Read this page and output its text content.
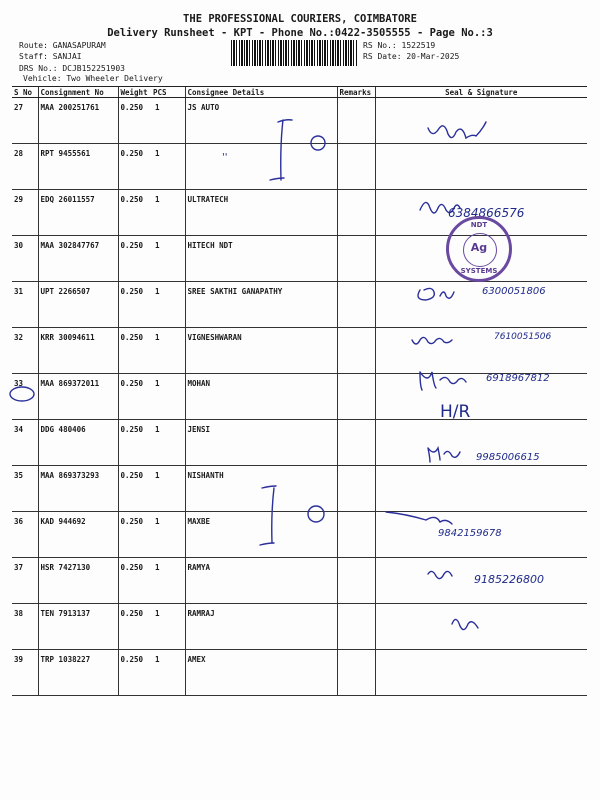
THE PROFESSIONAL COURIERS, COIMBATORE
Delivery Runsheet - KPT - Phone No.:0422-3505555 - Page No.:3
Route: GANASAPURAM
Staff: SANJAI
DRS No.: DCJB152251903
Vehicle: Two Wheeler Delivery
RS No.: 1522519
RS Date: 20-Mar-2025
S No	Consignment No	Weight	PCS	Consignee Details	Remarks	Seal & Signature
27	MAA 200251761	0.250	1	JS AUTO		
28	RPT 9455561	0.250	1			
29	EDQ 26011557	0.250	1	ULTRATECH		
30	MAA 302847767	0.250	1	HITECH NDT		
31	UPT 2266507	0.250	1	SREE SAKTHI GANAPATHY		
32	KRR 30094611	0.250	1	VIGNESHWARAN		
33	MAA 869372011	0.250	1	MOHAN		
34	DDG 480406	0.250	1	JENSI		
35	MAA 869373293	0.250	1	NISHANTH		
36	KAD 944692	0.250	1	MAXBE		
37	HSR 7427130	0.250	1	RAMYA		
38	TEN 7913137	0.250	1	RAMRAJ		
39	TRP 1038227	0.250	1	AMEX		
''
6384866576
6300051806
7610051506
6918967812
H/R
9985006615
9842159678
9185226800
NDT
Ag
SYSTEMS
